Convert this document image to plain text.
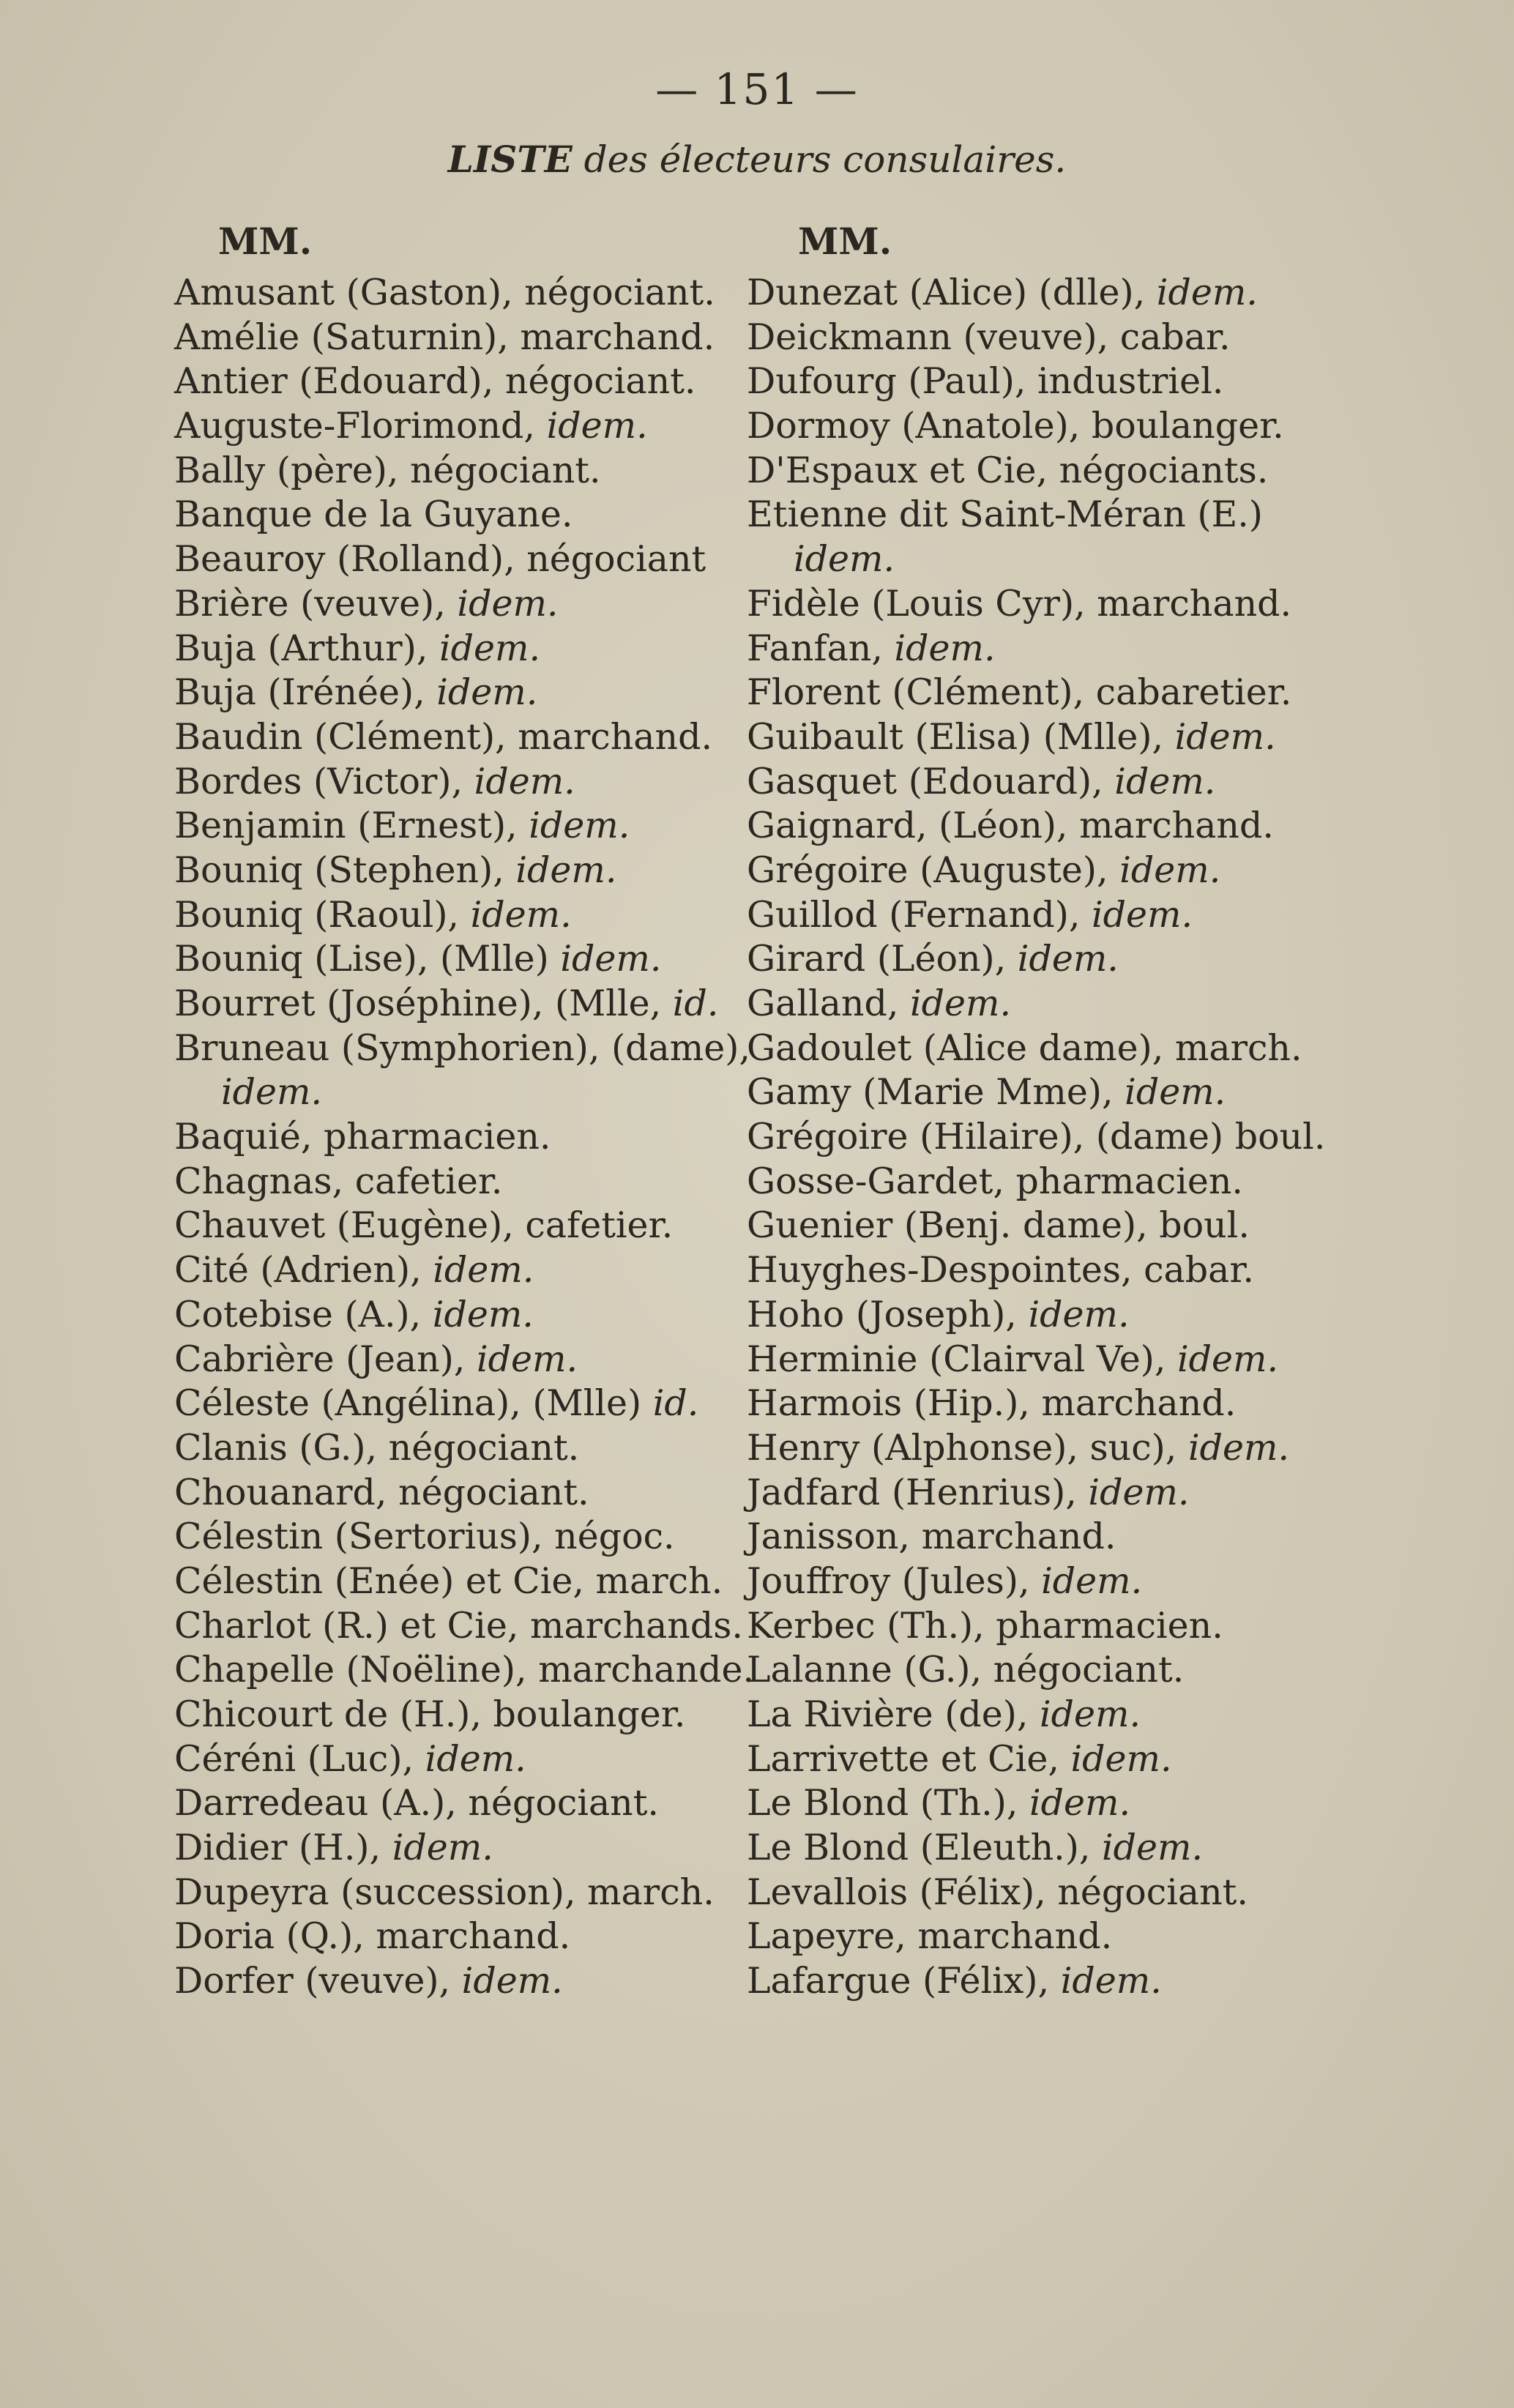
— 151 —
LISTE des électeurs consulaires.
MM.
Amusant (Gaston), négociant.
Amélie (Saturnin), marchand.
Antier (Edouard), négociant.
Auguste-Florimond, idem.
Bally (père), négociant.
Banque de la Guyane.
Beauroy (Rolland), négociant
Brière (veuve), idem.
Buja (Arthur), idem.
Buja (Irénée), idem.
Baudin (Clément), marchand.
Bordes (Victor), idem.
Benjamin (Ernest), idem.
Bouniq (Stephen), idem.
Bouniq (Raoul), idem.
Bouniq (Lise), (Mlle) idem.
Bourret (Joséphine), (Mlle, id.
Bruneau (Symphorien), (dame),
idem.
Baquié, pharmacien.
Chagnas, cafetier.
Chauvet (Eugène), cafetier.
Cité (Adrien), idem.
Cotebise (A.), idem.
Cabrière (Jean), idem.
Céleste (Angélina), (Mlle) id.
Clanis (G.), négociant.
Chouanard, négociant.
Célestin (Sertorius), négoc.
Célestin (Enée) et Cie, march.
Charlot (R.) et Cie, marchands.
Chapelle (Noëline), marchande.
Chicourt de (H.), boulanger.
Céréni (Luc), idem.
Darredeau (A.), négociant.
Didier (H.), idem.
Dupeyra (succession), march.
Doria (Q.), marchand.
Dorfer (veuve), idem.
MM.
Dunezat (Alice) (dlle), idem.
Deickmann (veuve), cabar.
Dufourg (Paul), industriel.
Dormoy (Anatole), boulanger.
D'Espaux et Cie, négociants.
Etienne dit Saint-Méran (E.)
idem.
Fidèle (Louis Cyr), marchand.
Fanfan, idem.
Florent (Clément), cabaretier.
Guibault (Elisa) (Mlle), idem.
Gasquet (Edouard), idem.
Gaignard, (Léon), marchand.
Grégoire (Auguste), idem.
Guillod (Fernand), idem.
Girard (Léon), idem.
Galland, idem.
Gadoulet (Alice dame), march.
Gamy (Marie Mme), idem.
Grégoire (Hilaire), (dame) boul.
Gosse-Gardet, pharmacien.
Guenier (Benj. dame), boul.
Huyghes-Despointes, cabar.
Hoho (Joseph), idem.
Herminie (Clairval Ve), idem.
Harmois (Hip.), marchand.
Henry (Alphonse), suc), idem.
Jadfard (Henrius), idem.
Janisson, marchand.
Jouffroy (Jules), idem.
Kerbec (Th.), pharmacien.
Lalanne (G.), négociant.
La Rivière (de), idem.
Larrivette et Cie, idem.
Le Blond (Th.), idem.
Le Blond (Eleuth.), idem.
Levallois (Félix), négociant.
Lapeyre, marchand.
Lafargue (Félix), idem.
